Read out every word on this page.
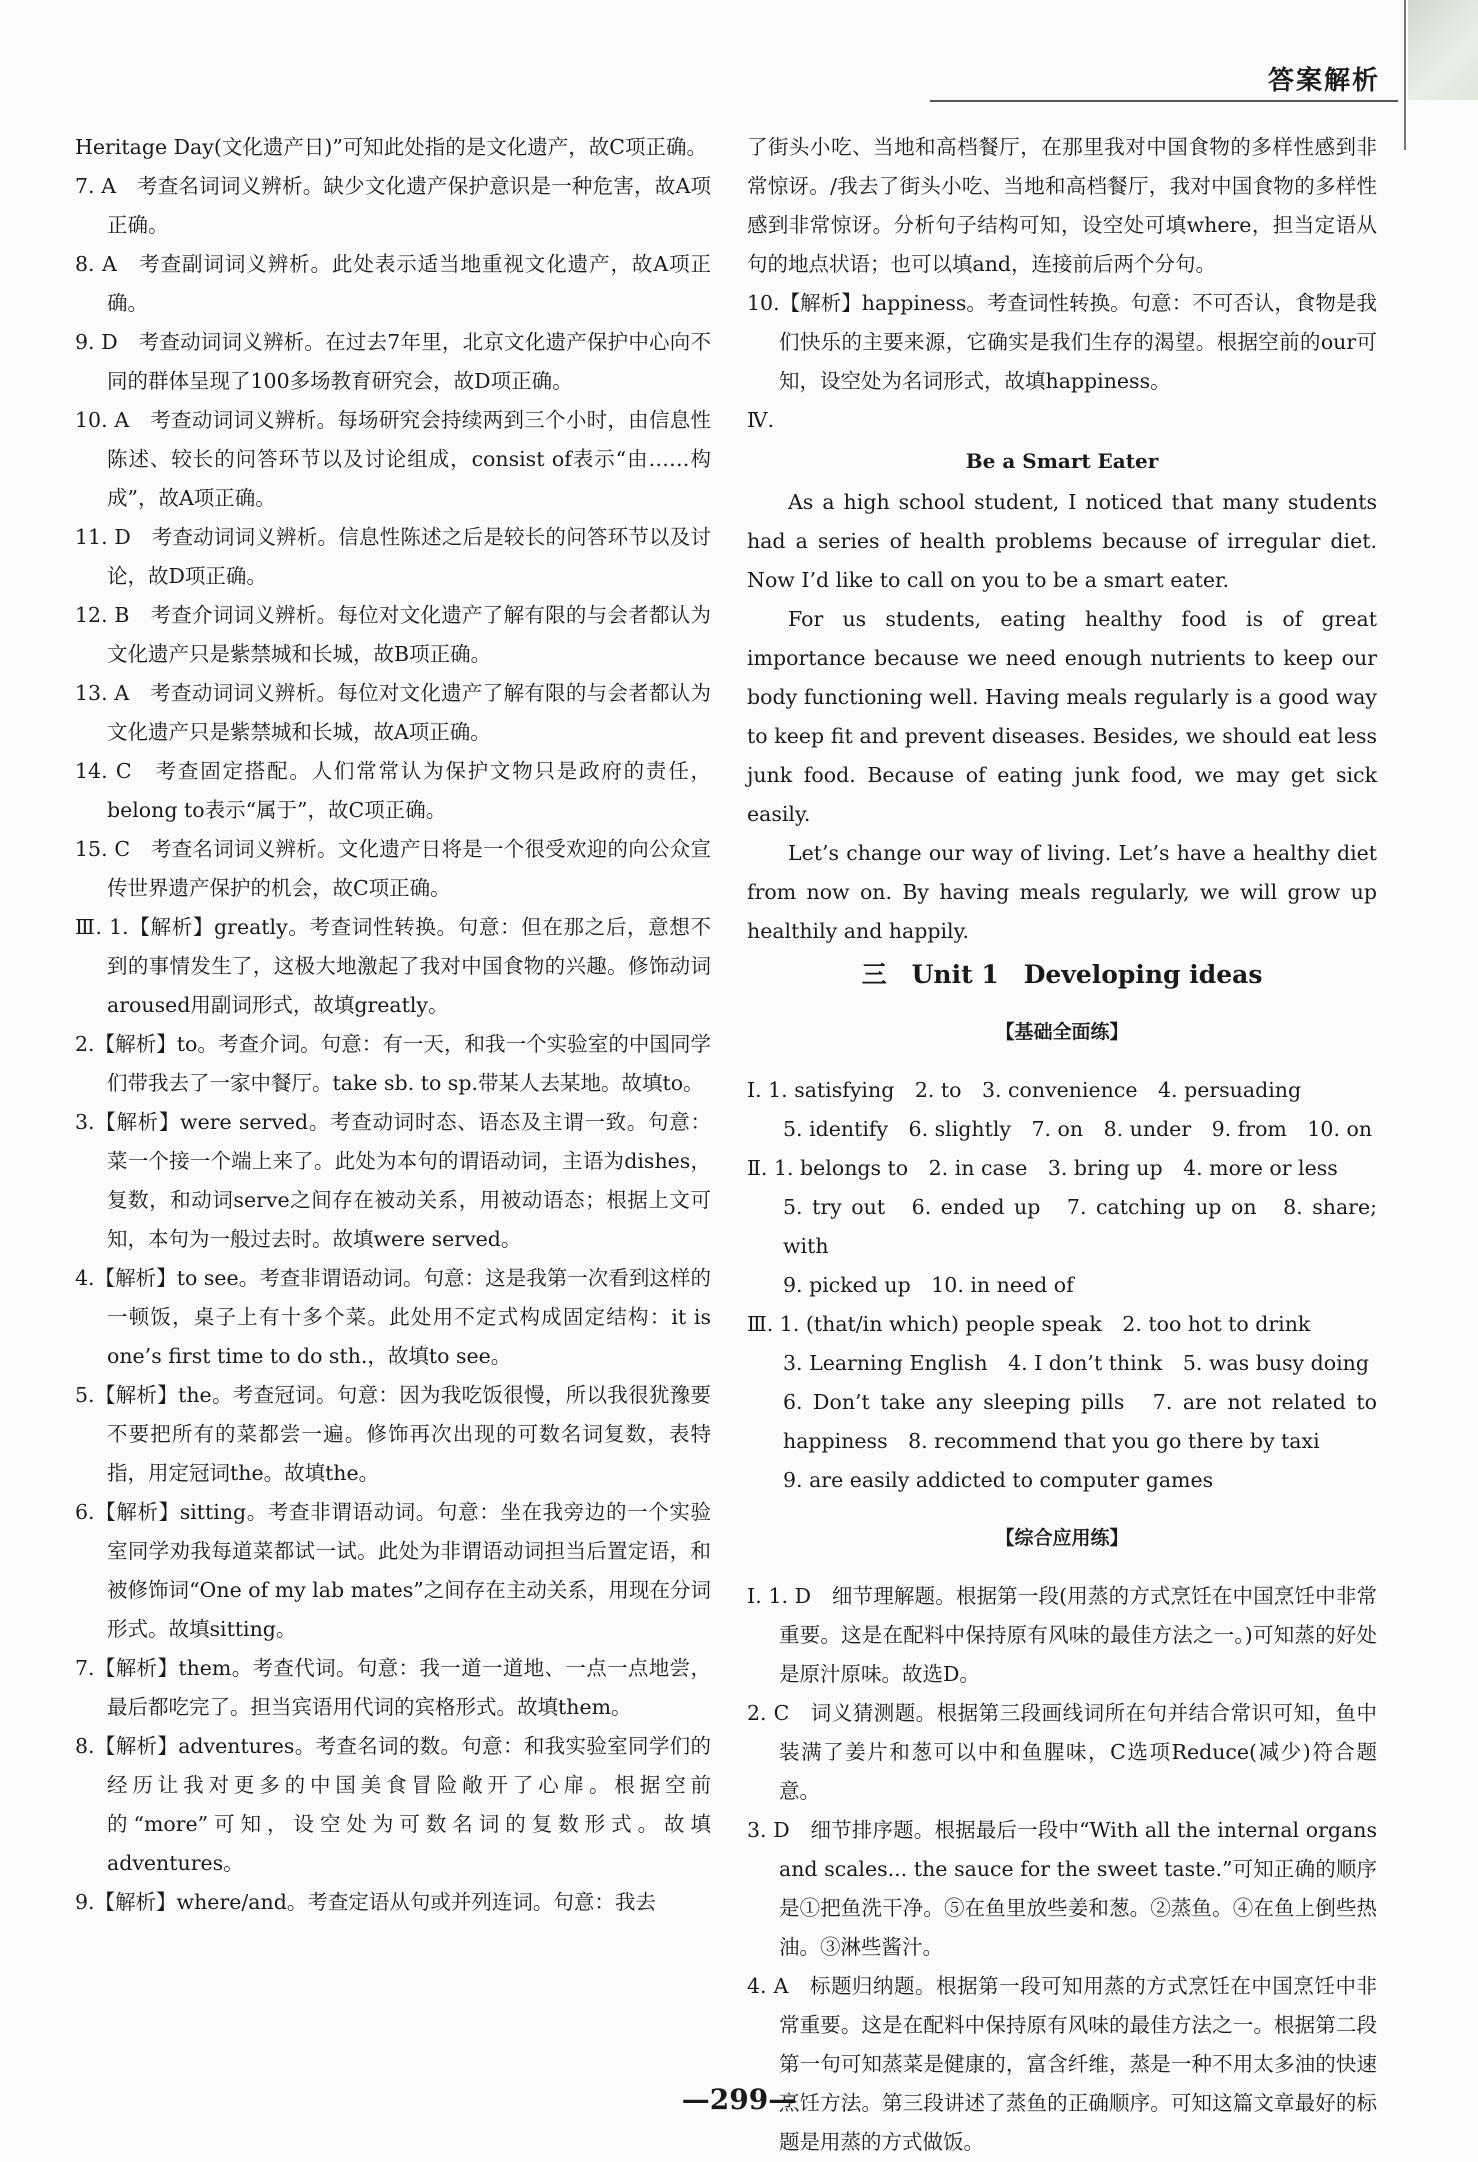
答案解析

Heritage Day(文化遗产日)”可知此处指的是文化遗产，故C项正确。

7. A　考查名词词义辨析。缺少文化遗产保护意识是一种危害，故A项正确。

8. A　考查副词词义辨析。此处表示适当地重视文化遗产，故A项正确。

9. D　考查动词词义辨析。在过去7年里，北京文化遗产保护中心向不同的群体呈现了100多场教育研究会，故D项正确。

10. A　考查动词词义辨析。每场研究会持续两到三个小时，由信息性陈述、较长的问答环节以及讨论组成，consist of表示“由……构成”，故A项正确。

11. D　考查动词词义辨析。信息性陈述之后是较长的问答环节以及讨论，故D项正确。

12. B　考查介词词义辨析。每位对文化遗产了解有限的与会者都认为文化遗产只是紫禁城和长城，故B项正确。

13. A　考查动词词义辨析。每位对文化遗产了解有限的与会者都认为文化遗产只是紫禁城和长城，故A项正确。

14. C　考查固定搭配。人们常常认为保护文物只是政府的责任，belong to表示“属于”，故C项正确。

15. C　考查名词词义辨析。文化遗产日将是一个很受欢迎的向公众宣传世界遗产保护的机会，故C项正确。

Ⅲ. 1.【解析】greatly。考查词性转换。句意：但在那之后，意想不到的事情发生了，这极大地激起了我对中国食物的兴趣。修饰动词aroused用副词形式，故填greatly。

2.【解析】to。考查介词。句意：有一天，和我一个实验室的中国同学们带我去了一家中餐厅。take sb. to sp.带某人去某地。故填to。

3.【解析】were served。考查动词时态、语态及主谓一致。句意：菜一个接一个端上来了。此处为本句的谓语动词，主语为dishes，复数，和动词serve之间存在被动关系，用被动语态；根据上文可知，本句为一般过去时。故填were served。

4.【解析】to see。考查非谓语动词。句意：这是我第一次看到这样的一顿饭，桌子上有十多个菜。此处用不定式构成固定结构：it is one’s first time to do sth.，故填to see。

5.【解析】the。考查冠词。句意：因为我吃饭很慢，所以我很犹豫要不要把所有的菜都尝一遍。修饰再次出现的可数名词复数，表特指，用定冠词the。故填the。

6.【解析】sitting。考查非谓语动词。句意：坐在我旁边的一个实验室同学劝我每道菜都试一试。此处为非谓语动词担当后置定语，和被修饰词“One of my lab mates”之间存在主动关系，用现在分词形式。故填sitting。

7.【解析】them。考查代词。句意：我一道一道地、一点一点地尝，最后都吃完了。担当宾语用代词的宾格形式。故填them。

8.【解析】adventures。考查名词的数。句意：和我实验室同学们的经历让我对更多的中国美食冒险敞开了心扉。根据空前的“more”可知，设空处为可数名词的复数形式。故填adventures。

9.【解析】where/and。考查定语从句或并列连词。句意：我去

了街头小吃、当地和高档餐厅，在那里我对中国食物的多样性感到非常惊讶。/我去了街头小吃、当地和高档餐厅，我对中国食物的多样性感到非常惊讶。分析句子结构可知，设空处可填where，担当定语从句的地点状语；也可以填and，连接前后两个分句。

10.【解析】happiness。考查词性转换。句意：不可否认，食物是我们快乐的主要来源，它确实是我们生存的渴望。根据空前的our可知，设空处为名词形式，故填happiness。

Ⅳ.

Be a Smart Eater

As a high school student, I noticed that many students had a series of health problems because of irregular diet. Now I’d like to call on you to be a smart eater.

For us students, eating healthy food is of great importance because we need enough nutrients to keep our body functioning well. Having meals regularly is a good way to keep fit and prevent diseases. Besides, we should eat less junk food. Because of eating junk food, we may get sick easily.

Let’s change our way of living. Let’s have a healthy diet from now on. By having meals regularly, we will grow up healthily and happily.

三　Unit 1　Developing ideas

【基础全面练】

Ⅰ. 1. satisfying　2. to　3. convenience　4. persuading

5. identify　6. slightly　7. on　8. under　9. from　10. on

Ⅱ. 1. belongs to　2. in case　3. bring up　4. more or less

5. try out　6. ended up　7. catching up on　8. share; with

9. picked up　10. in need of

Ⅲ. 1. (that/in which) people speak　2. too hot to drink

3. Learning English　4. I don’t think　5. was busy doing

6. Don’t take any sleeping pills　7. are not related to happiness　8. recommend that you go there by taxi

9. are easily addicted to computer games

【综合应用练】

Ⅰ. 1. D　细节理解题。根据第一段(用蒸的方式烹饪在中国烹饪中非常重要。这是在配料中保持原有风味的最佳方法之一。)可知蒸的好处是原汁原味。故选D。

2. C　词义猜测题。根据第三段画线词所在句并结合常识可知，鱼中装满了姜片和葱可以中和鱼腥味，C选项Reduce(减少)符合题意。

3. D　细节排序题。根据最后一段中“With all the internal organs and scales... the sauce for the sweet taste.”可知正确的顺序是①把鱼洗干净。⑤在鱼里放些姜和葱。②蒸鱼。④在鱼上倒些热油。③淋些酱汁。

4. A　标题归纳题。根据第一段可知用蒸的方式烹饪在中国烹饪中非常重要。这是在配料中保持原有风味的最佳方法之一。根据第二段第一句可知蒸菜是健康的，富含纤维，蒸是一种不用太多油的快速烹饪方法。第三段讲述了蒸鱼的正确顺序。可知这篇文章最好的标题是用蒸的方式做饭。

—299—
